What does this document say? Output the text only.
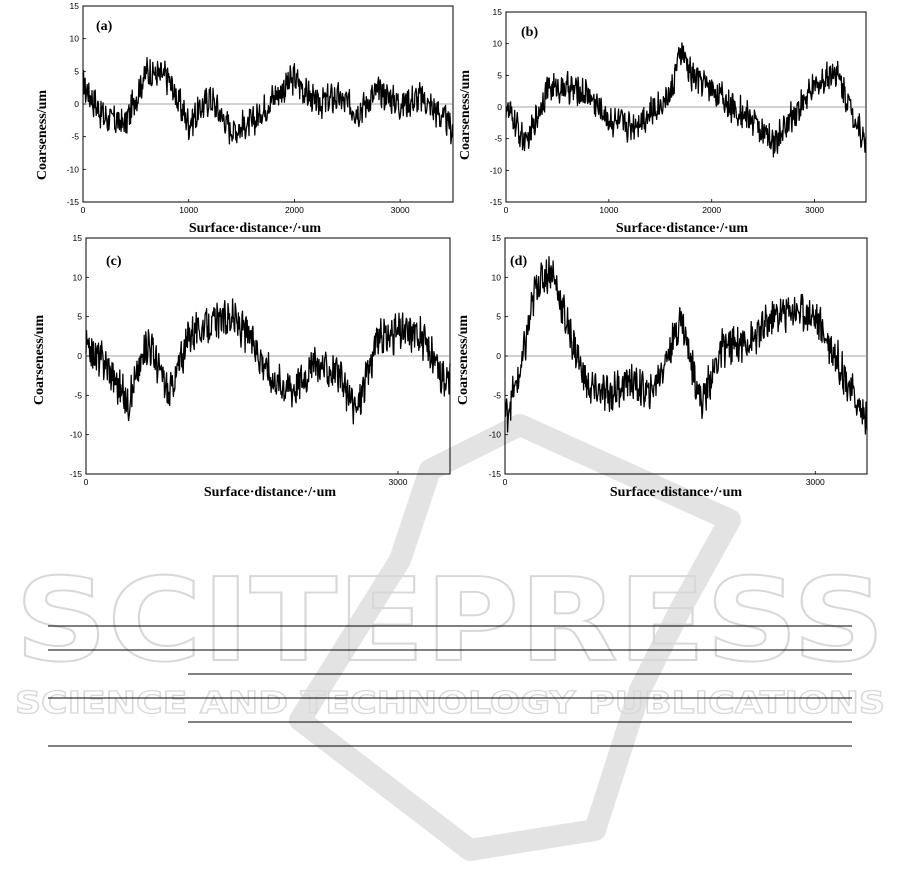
SCITEPRESS
SCIENCE AND TECHNOLOGY PUBLICATIONS
-15
-10
-5
0
5
10
15
0	1000	2000	3000
(a)
Surface·distance·/·um
Coarseness/um
-15
-10
-5
0
5
10
15
0	1000	2000	3000
(b)
Surface·distance·/·um
Coarseness/um
-15
-10
-5
0
5
10
15
0	3000
(c)
Surface·distance·/·um
Coarseness/um
-15
-10
-5
0
5
10
15
0	3000
(d)
Surface·distance·/·um
Coarseness/um
